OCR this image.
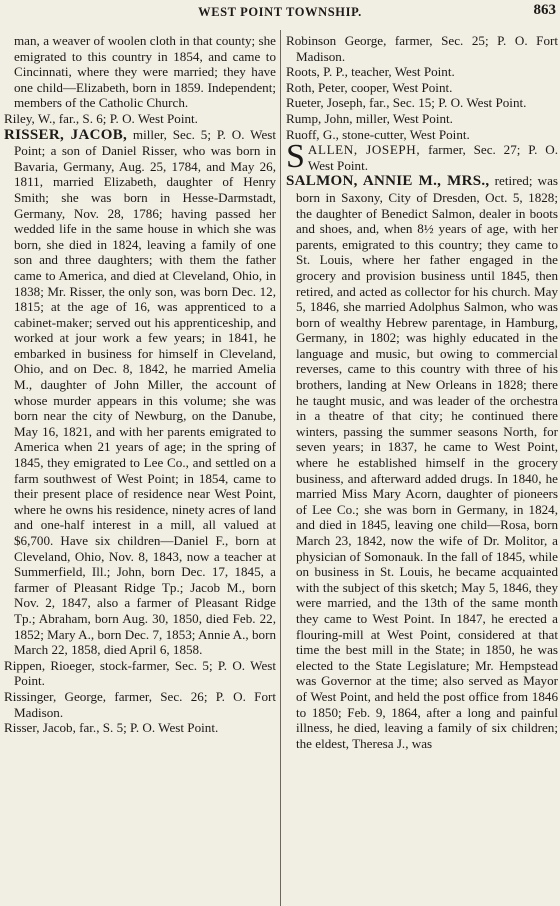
WEST POINT TOWNSHIP.	863

man, a weaver of woolen cloth in that county; she emigrated to this country in 1854, and came to Cincinnati, where they were married; they have one child—Elizabeth, born in 1859. Independent; members of the Catholic Church.

Riley, W., far., S. 6; P. O. West Point.

RISSER, JACOB, miller, Sec. 5; P. O. West Point; a son of Daniel Risser, who was born in Bavaria, Germany, Aug. 25, 1784, and May 26, 1811, married Elizabeth, daughter of Henry Smith; she was born in Hesse-Darmstadt, Germany, Nov. 28, 1786; having passed her wedded life in the same house in which she was born, she died in 1824, leaving a family of one son and three daughters; with them the father came to America, and died at Cleveland, Ohio, in 1838; Mr. Risser, the only son, was born Dec. 12, 1815; at the age of 16, was apprenticed to a cabinet-maker; served out his apprenticeship, and worked at jour work a few years; in 1841, he embarked in business for himself in Cleveland, Ohio, and on Dec. 8, 1842, he married Amelia M., daughter of John Miller, the account of whose murder appears in this volume; she was born near the city of Newburg, on the Danube, May 16, 1821, and with her parents emigrated to America when 21 years of age; in the spring of 1845, they emigrated to Lee Co., and settled on a farm southwest of West Point; in 1854, came to their present place of residence near West Point, where he owns his residence, ninety acres of land and one-half interest in a mill, all valued at $6,700. Have six children—Daniel F., born at Cleveland, Ohio, Nov. 8, 1843, now a teacher at Summerfield, Ill.; John, born Dec. 17, 1845, a farmer of Pleasant Ridge Tp.; Jacob M., born Nov. 2, 1847, also a farmer of Pleasant Ridge Tp.; Abraham, born Aug. 30, 1850, died Feb. 22, 1852; Mary A., born Dec. 7, 1853; Annie A., born March 22, 1858, died April 6, 1858.

Rippen, Rioeger, stock-farmer, Sec. 5; P. O. West Point.

Rissinger, George, farmer, Sec. 26; P. O. Fort Madison.

Risser, Jacob, far., S. 5; P. O. West Point.

Robinson George, farmer, Sec. 25; P. O. Fort Madison.

Roots, P. P., teacher, West Point.

Roth, Peter, cooper, West Point.

Rueter, Joseph, far., Sec. 15; P. O. West Point.

Rump, John, miller, West Point.

Ruoff, G., stone-cutter, West Point.

SALLEN, JOSEPH, farmer, Sec. 27; P. O. West Point.

SALMON, ANNIE M., MRS., retired; was born in Saxony, City of Dresden, Oct. 5, 1828; the daughter of Benedict Salmon, dealer in boots and shoes, and, when 8½ years of age, with her parents, emigrated to this country; they came to St. Louis, where her father engaged in the grocery and provision business until 1845, then retired, and acted as collector for his church. May 5, 1846, she married Adolphus Salmon, who was born of wealthy Hebrew parentage, in Hamburg, Germany, in 1802; was highly educated in the language and music, but owing to commercial reverses, came to this country with three of his brothers, landing at New Orleans in 1828; there he taught music, and was leader of the orchestra in a theatre of that city; he continued there winters, passing the summer seasons North, for seven years; in 1837, he came to West Point, where he established himself in the grocery business, and afterward added drugs. In 1840, he married Miss Mary Acorn, daughter of pioneers of Lee Co.; she was born in Germany, in 1824, and died in 1845, leaving one child—Rosa, born March 23, 1842, now the wife of Dr. Molitor, a physician of Somonauk. In the fall of 1845, while on business in St. Louis, he became acquainted with the subject of this sketch; May 5, 1846, they were married, and the 13th of the same month they came to West Point. In 1847, he erected a flouring-mill at West Point, considered at that time the best mill in the State; in 1850, he was elected to the State Legislature; Mr. Hempstead was Governor at the time; also served as Mayor of West Point, and held the post office from 1846 to 1850; Feb. 9, 1864, after a long and painful illness, he died, leaving a family of six children; the eldest, Theresa J., was
